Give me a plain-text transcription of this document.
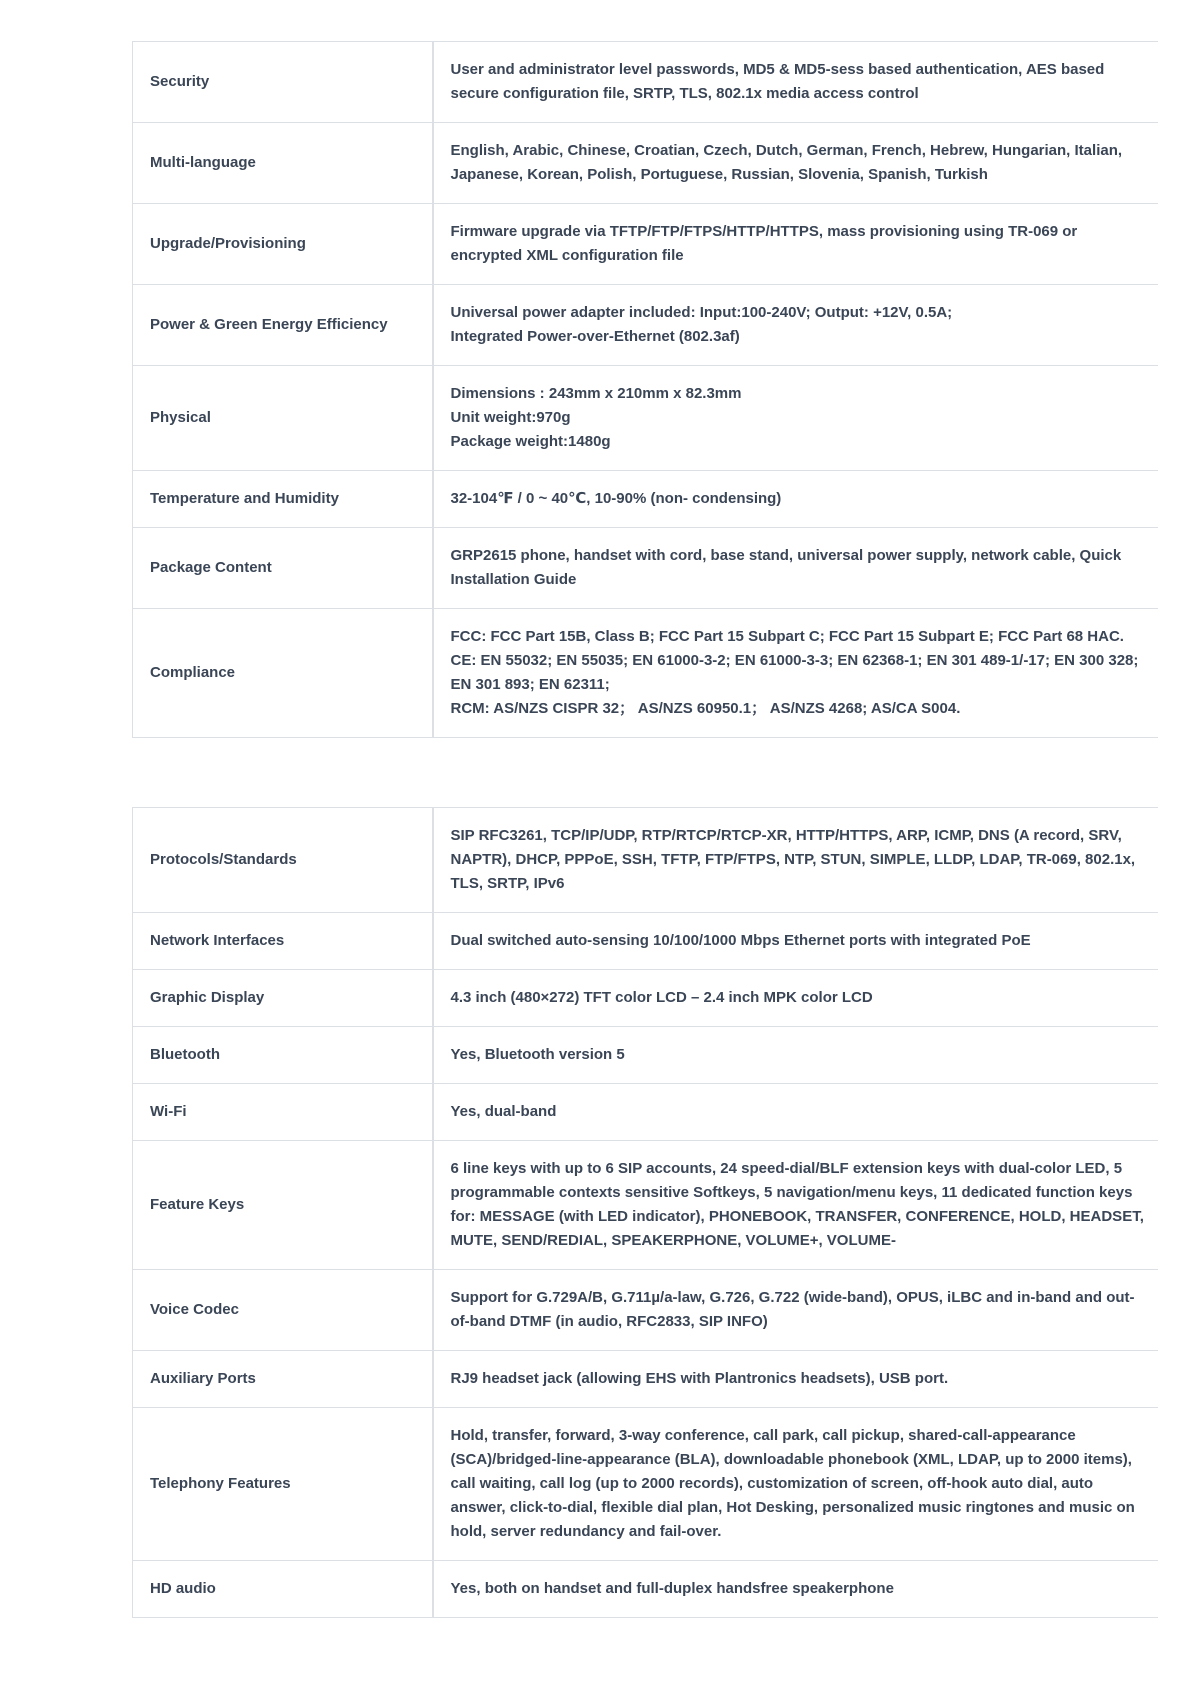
Security	User and administrator level passwords, MD5 & MD5-sess based authentication, AES based secure configuration file, SRTP, TLS, 802.1x media access control

Multi-language	English, Arabic, Chinese, Croatian, Czech, Dutch, German, French, Hebrew, Hungarian, Italian, Japanese, Korean, Polish, Portuguese, Russian, Slovenia, Spanish, Turkish

Upgrade/Provisioning	Firmware upgrade via TFTP/FTP/FTPS/HTTP/HTTPS, mass provisioning using TR-069 or encrypted XML configuration file

Power & Green Energy Efficiency	Universal power adapter included: Input:100-240V; Output: +12V, 0.5A;
Integrated Power-over-Ethernet (802.3af)

Physical	Dimensions : 243mm x 210mm x 82.3mm
Unit weight:970g
Package weight:1480g

Temperature and Humidity	32-104℉ / 0 ~ 40℃, 10-90% (non- condensing)

Package Content	GRP2615 phone, handset with cord, base stand, universal power supply, network cable, Quick Installation Guide

Compliance	FCC: FCC Part 15B, Class B; FCC Part 15 Subpart C; FCC Part 15 Subpart E; FCC Part 68 HAC.
CE: EN 55032; EN 55035; EN 61000-3-2; EN 61000-3-3; EN 62368-1; EN 301 489-1/-17; EN 300 328; EN 301 893; EN 62311;
RCM: AS/NZS CISPR 32； AS/NZS 60950.1； AS/NZS 4268; AS/CA S004.
Protocols/Standards	SIP RFC3261, TCP/IP/UDP, RTP/RTCP/RTCP-XR, HTTP/HTTPS, ARP, ICMP, DNS (A record, SRV, NAPTR), DHCP, PPPoE, SSH, TFTP, FTP/FTPS, NTP, STUN, SIMPLE, LLDP, LDAP, TR-069, 802.1x, TLS, SRTP, IPv6

Network Interfaces	Dual switched auto-sensing 10/100/1000 Mbps Ethernet ports with integrated PoE

Graphic Display	4.3 inch (480×272) TFT color LCD – 2.4 inch MPK color LCD

Bluetooth	Yes, Bluetooth version 5

Wi-Fi	Yes, dual-band

Feature Keys	6 line keys with up to 6 SIP accounts, 24 speed-dial/BLF extension keys with dual-color LED, 5 programmable contexts sensitive Softkeys, 5 navigation/menu keys, 11 dedicated function keys for: MESSAGE (with LED indicator), PHONEBOOK, TRANSFER, CONFERENCE, HOLD, HEADSET, MUTE, SEND/REDIAL, SPEAKERPHONE, VOLUME+, VOLUME-

Voice Codec	Support for G.729A/B, G.711µ/a-law, G.726, G.722 (wide-band), OPUS, iLBC and in-band and out-of-band DTMF (in audio, RFC2833, SIP INFO)

Auxiliary Ports	RJ9 headset jack (allowing EHS with Plantronics headsets), USB port.

Telephony Features	Hold, transfer, forward, 3-way conference, call park, call pickup, shared-call-appearance (SCA)/bridged-line-appearance (BLA), downloadable phonebook (XML, LDAP, up to 2000 items), call waiting, call log (up to 2000 records), customization of screen, off-hook auto dial, auto answer, click-to-dial, flexible dial plan, Hot Desking, personalized music ringtones and music on hold, server redundancy and fail-over.

HD audio	Yes, both on handset and full-duplex handsfree speakerphone
